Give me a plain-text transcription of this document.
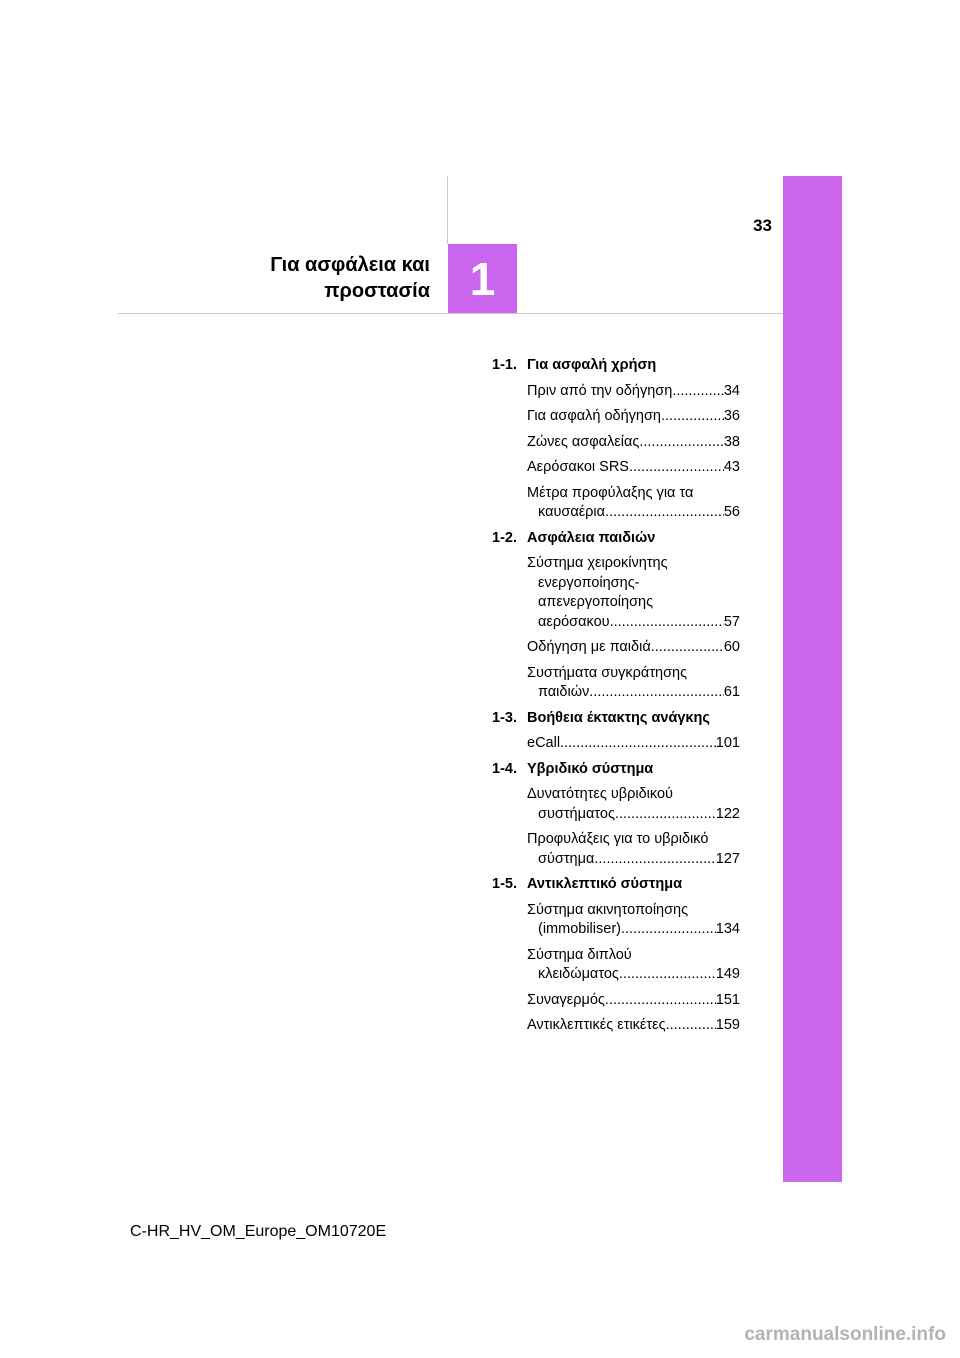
Για ασφάλεια και
προστασία 1
33
1-1. Για ασφαλή χρήση
Πριν από την οδήγηση .....	34
Για ασφαλή οδήγηση .....	36
Ζώνες ασφαλείας .....	38
Αερόσακοι SRS .....	43
Μέτρα προφύλαξης για τα
καυσαέρια .....	56
1-2. Ασφάλεια παιδιών
Σύστημα χειροκίνητης
ενεργοποίησης-
απενεργοποίησης
αερόσακου .....	57
Οδήγηση με παιδιά .....	60
Συστήματα συγκράτησης
παιδιών .....	61
1-3. Βοήθεια έκτακτης ανάγκης
eCall .....	101
1-4. Υβριδικό σύστημα
Δυνατότητες υβριδικού
συστήματος .....	122
Προφυλάξεις για το υβριδικό
σύστημα .....	127
1-5. Αντικλεπτικό σύστημα
Σύστημα ακινητοποίησης
(immobiliser) .....	134
Σύστημα διπλού
κλειδώματος .....	149
Συναγερμός .....	151
Αντικλεπτικές ετικέτες .....	159
C-HR_HV_OM_Europe_OM10720E
carmanualsonline.info
